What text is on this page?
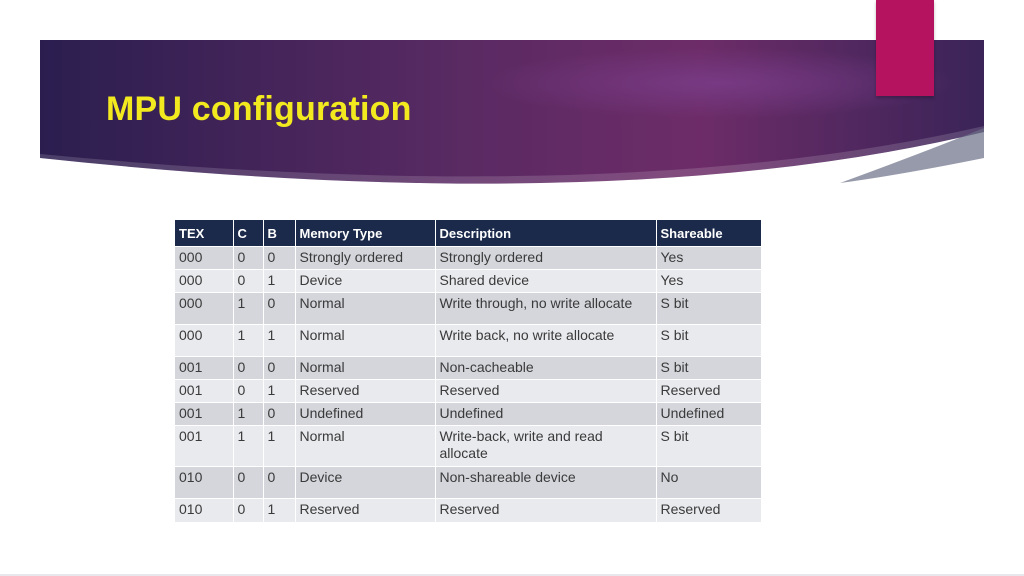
MPU configuration
TEX	C	B	Memory Type	Description	Shareable
000	0	0	Strongly ordered	Strongly ordered	Yes
000	0	1	Device	Shared device	Yes
000	1	0	Normal	Write through, no write allocate	S bit
000	1	1	Normal	Write back, no write allocate	S bit
001	0	0	Normal	Non-cacheable	S bit
001	0	1	Reserved	Reserved	Reserved
001	1	0	Undefined	Undefined	Undefined
001	1	1	Normal	Write-back, write and read allocate	S bit
010	0	0	Device	Non-shareable device	No
010	0	1	Reserved	Reserved	Reserved
